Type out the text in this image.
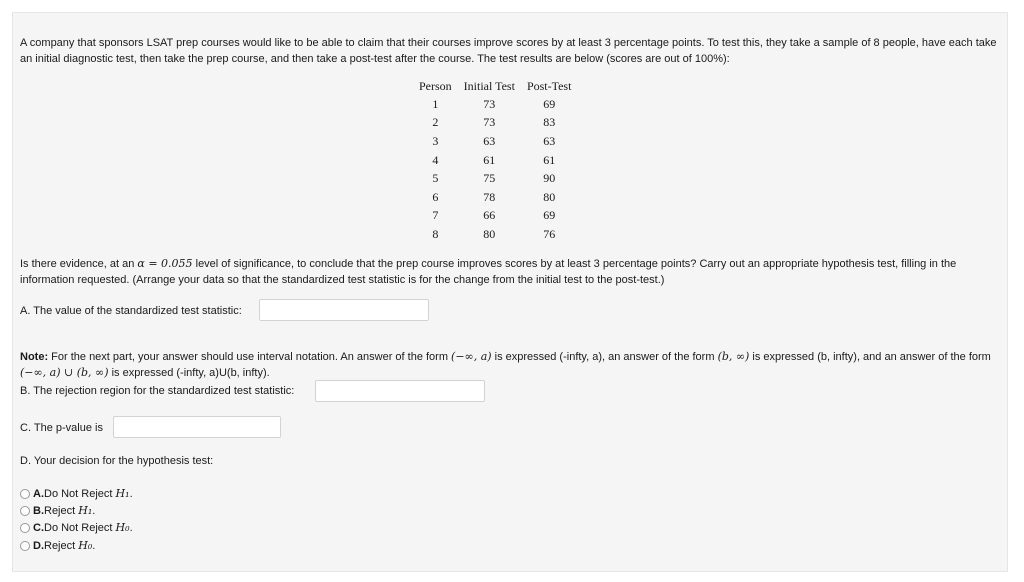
A company that sponsors LSAT prep courses would like to be able to claim that their courses improve scores by at least 3 percentage points. To test this, they take a sample of 8 people, have each take an initial diagnostic test, then take the prep course, and then take a post-test after the course. The test results are below (scores are out of 100%):

Person	Initial Test	Post-Test
1	73	69
2	73	83
3	63	63
4	61	61
5	75	90
6	78	80
7	66	69
8	80	76

Is there evidence, at an α = 0.055 level of significance, to conclude that the prep course improves scores by at least 3 percentage points? Carry out an appropriate hypothesis test, filling in the information requested. (Arrange your data so that the standardized test statistic is for the change from the initial test to the post-test.)

A. The value of the standardized test statistic:
Note: For the next part, your answer should use interval notation. An answer of the form (−∞, a) is expressed (-infty, a), an answer of the form (b, ∞) is expressed (b, infty), and an answer of the form (−∞, a) ∪ (b, ∞) is expressed (-infty, a)U(b, infty).
B. The rejection region for the standardized test statistic:
C. The p-value is
D. Your decision for the hypothesis test:
A. Do Not Reject
H₁ .
B. Reject
H₁ .
C. Do Not Reject
H₀ .
D. Reject
H₀ .
